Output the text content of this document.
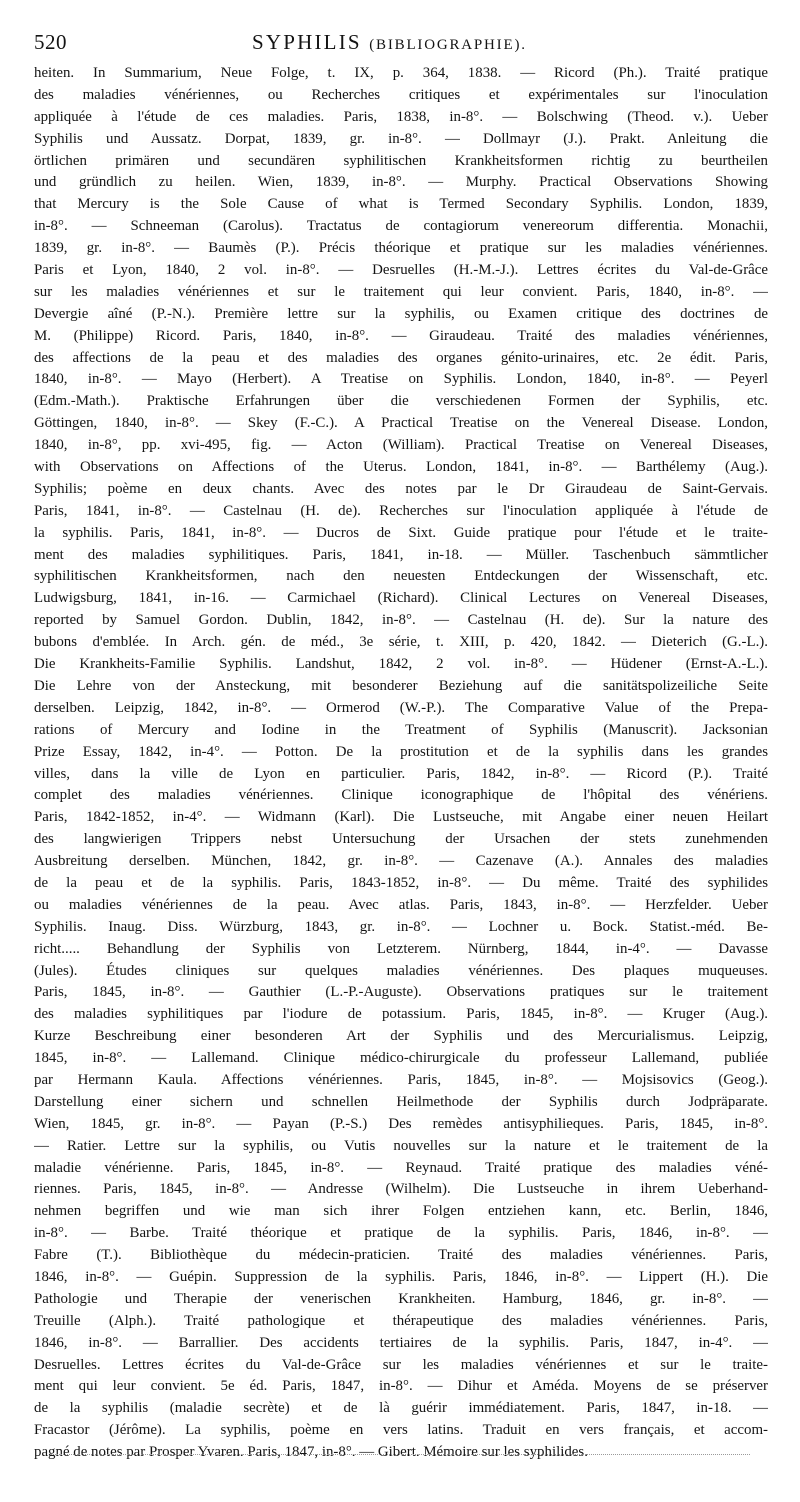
520	SYPHILIS (BIBLIOGRAPHIE).
heiten. In Summarium, Neue Folge, t. IX, p. 364, 1838. — Ricord (Ph.). Traité pratique
des maladies vénériennes, ou Recherches critiques et expérimentales sur l'inoculation
appliquée à l'étude de ces maladies. Paris, 1838, in-8°. — Bolschwing (Theod. v.). Ueber
Syphilis und Aussatz. Dorpat, 1839, gr. in-8°. — Dollmayr (J.). Prakt. Anleitung die
örtlichen primären und secundären syphilitischen Krankheitsformen richtig zu beurtheilen
und gründlich zu heilen. Wien, 1839, in-8°. — Murphy. Practical Observations Showing
that Mercury is the Sole Cause of what is Termed Secondary Syphilis. London, 1839,
in-8°. — Schneeman (Carolus). Tractatus de contagiorum venereorum differentia. Monachii,
1839, gr. in-8°. — Baumès (P.). Précis théorique et pratique sur les maladies vénériennes.
Paris et Lyon, 1840, 2 vol. in-8°. — Desruelles (H.-M.-J.). Lettres écrites du Val-de-Grâce
sur les maladies vénériennes et sur le traitement qui leur convient. Paris, 1840, in-8°. —
Devergie aîné (P.-N.). Première lettre sur la syphilis, ou Examen critique des doctrines de
M. (Philippe) Ricord. Paris, 1840, in-8°. — Giraudeau. Traité des maladies vénériennes,
des affections de la peau et des maladies des organes génito-urinaires, etc. 2e édit. Paris,
1840, in-8°. — Mayo (Herbert). A Treatise on Syphilis. London, 1840, in-8°. — Peyerl
(Edm.-Math.). Praktische Erfahrungen über die verschiedenen Formen der Syphilis, etc.
Göttingen, 1840, in-8°. — Skey (F.-C.). A Practical Treatise on the Venereal Disease. London,
1840, in-8°, pp. xvi-495, fig. — Acton (William). Practical Treatise on Venereal Diseases,
with Observations on Affections of the Uterus. London, 1841, in-8°. — Barthélemy (Aug.).
Syphilis; poème en deux chants. Avec des notes par le Dr Giraudeau de Saint-Gervais.
Paris, 1841, in-8°. — Castelnau (H. de). Recherches sur l'inoculation appliquée à l'étude de
la syphilis. Paris, 1841, in-8°. — Ducros de Sixt. Guide pratique pour l'étude et le traite-
ment des maladies syphilitiques. Paris, 1841, in-18. — Müller. Taschenbuch sämmtlicher
syphilitischen Krankheitsformen, nach den neuesten Entdeckungen der Wissenschaft, etc.
Ludwigsburg, 1841, in-16. — Carmichael (Richard). Clinical Lectures on Venereal Diseases,
reported by Samuel Gordon. Dublin, 1842, in-8°. — Castelnau (H. de). Sur la nature des
bubons d'emblée. In Arch. gén. de méd., 3e série, t. XIII, p. 420, 1842. — Dieterich (G.-L.).
Die Krankheits-Familie Syphilis. Landshut, 1842, 2 vol. in-8°. — Hüdener (Ernst-A.-L.).
Die Lehre von der Ansteckung, mit besonderer Beziehung auf die sanitätspolizeiliche Seite
derselben. Leipzig, 1842, in-8°. — Ormerod (W.-P.). The Comparative Value of the Prepa-
rations of Mercury and Iodine in the Treatment of Syphilis (Manuscrit). Jacksonian
Prize Essay, 1842, in-4°. — Potton. De la prostitution et de la syphilis dans les grandes
villes, dans la ville de Lyon en particulier. Paris, 1842, in-8°. — Ricord (P.). Traité
complet des maladies vénériennes. Clinique iconographique de l'hôpital des vénériens.
Paris, 1842-1852, in-4°. — Widmann (Karl). Die Lustseuche, mit Angabe einer neuen Heilart
des langwierigen Trippers nebst Untersuchung der Ursachen der stets zunehmenden
Ausbreitung derselben. München, 1842, gr. in-8°. — Cazenave (A.). Annales des maladies
de la peau et de la syphilis. Paris, 1843-1852, in-8°. — Du même. Traité des syphilides
ou maladies vénériennes de la peau. Avec atlas. Paris, 1843, in-8°. — Herzfelder. Ueber
Syphilis. Inaug. Diss. Würzburg, 1843, gr. in-8°. — Lochner u. Bock. Statist.-méd. Be-
richt..... Behandlung der Syphilis von Letzterem. Nürnberg, 1844, in-4°. — Davasse
(Jules). Études cliniques sur quelques maladies vénériennes. Des plaques muqueuses.
Paris, 1845, in-8°. — Gauthier (L.-P.-Auguste). Observations pratiques sur le traitement
des maladies syphilitiques par l'iodure de potassium. Paris, 1845, in-8°. — Kruger (Aug.).
Kurze Beschreibung einer besonderen Art der Syphilis und des Mercurialismus. Leipzig,
1845, in-8°. — Lallemand. Clinique médico-chirurgicale du professeur Lallemand, publiée
par Hermann Kaula. Affections vénériennes. Paris, 1845, in-8°. — Mojsisovics (Geog.).
Darstellung einer sichern und schnellen Heilmethode der Syphilis durch Jodpräparate.
Wien, 1845, gr. in-8°. — Payan (P.-S.) Des remèdes antisyphilieques. Paris, 1845, in-8°.
— Ratier. Lettre sur la syphilis, ou Vutis nouvelles sur la nature et le traitement de la
maladie vénérienne. Paris, 1845, in-8°. — Reynaud. Traité pratique des maladies véné-
riennes. Paris, 1845, in-8°. — Andresse (Wilhelm). Die Lustseuche in ihrem Ueberhand-
nehmen begriffen und wie man sich ihrer Folgen entziehen kann, etc. Berlin, 1846,
in-8°. — Barbe. Traité théorique et pratique de la syphilis. Paris, 1846, in-8°. —
Fabre (T.). Bibliothèque du médecin-praticien. Traité des maladies vénériennes. Paris,
1846, in-8°. — Guépin. Suppression de la syphilis. Paris, 1846, in-8°. — Lippert (H.). Die
Pathologie und Therapie der venerischen Krankheiten. Hamburg, 1846, gr. in-8°. —
Treuille (Alph.). Traité pathologique et thérapeutique des maladies vénériennes. Paris,
1846, in-8°. — Barrallier. Des accidents tertiaires de la syphilis. Paris, 1847, in-4°. —
Desruelles. Lettres écrites du Val-de-Grâce sur les maladies vénériennes et sur le traite-
ment qui leur convient. 5e éd. Paris, 1847, in-8°. — Dihur et Améda. Moyens de se préserver
de la syphilis (maladie secrète) et de là guérir immédiatement. Paris, 1847, in-18. —
Fracastor (Jérôme). La syphilis, poème en vers latins. Traduit en vers français, et accom-
pagné de notes par Prosper Yvaren. Paris, 1847, in-8°. — Gibert. Mémoire sur les syphilides.
